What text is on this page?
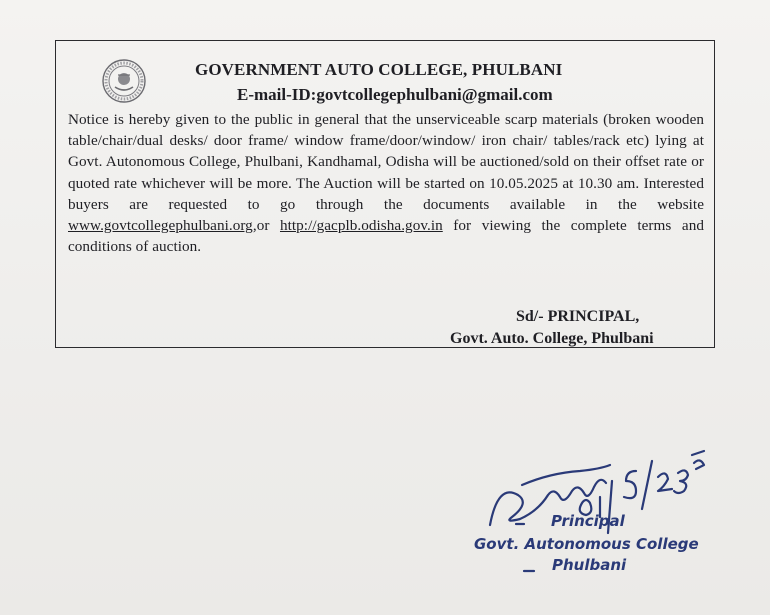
GOVERNMENT AUTO COLLEGE, PHULBANI
E-mail-ID:govtcollegephulbani@gmail.com
Notice is hereby given to the public in general that the unserviceable scarp materials (broken wooden table/chair/dual desks/ door frame/ window frame/door/window/ iron chair/ tables/rack etc) lying at Govt. Autonomous College, Phulbani, Kandhamal, Odisha will be auctioned/sold on their offset rate or quoted rate whichever will be more. The Auction will be started on 10.05.2025 at 10.30 am. Interested buyers are requested to go through the documents available in the website www.govtcollegephulbani.org,or http://gacplb.odisha.gov.in for viewing the complete terms and conditions of auction.
Sd/- PRINCIPAL,
Govt. Auto. College, Phulbani
Principal
Govt. Autonomous College
Phulbani
